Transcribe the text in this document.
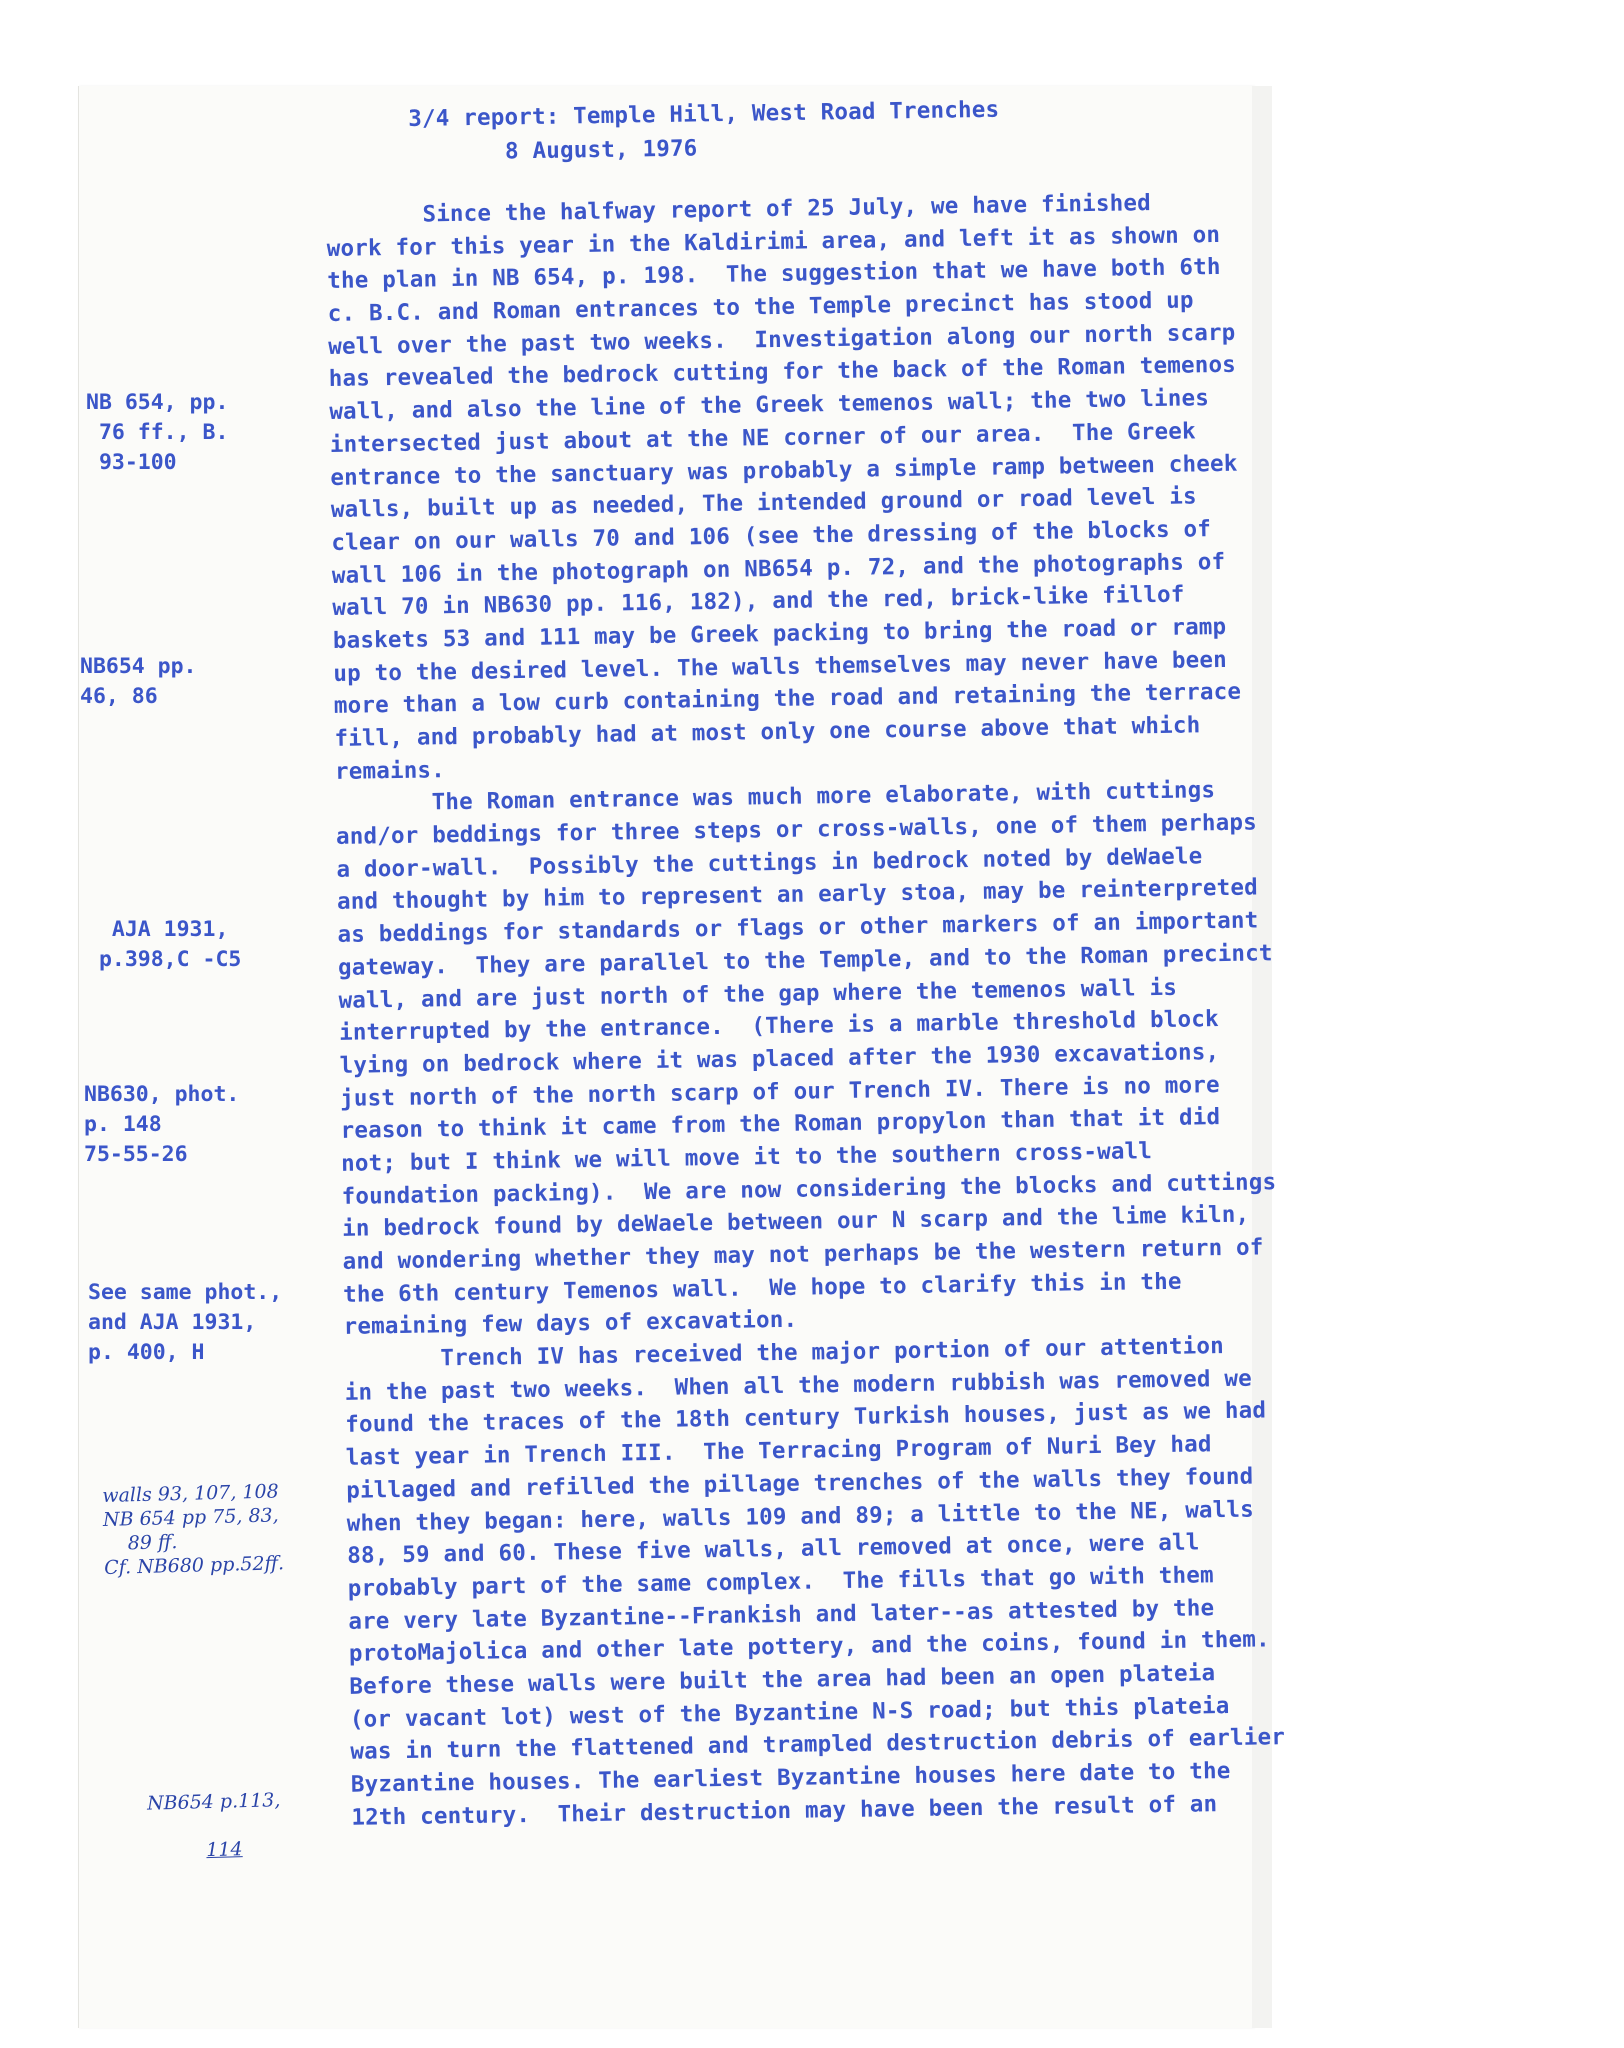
3/4 report: Temple Hill, West Road Trenches
8 August, 1976
Since the halfway report of 25 July, we have finished
work for this year in the Kaldirimi area, and left it as shown on
the plan in NB 654, p. 198.  The suggestion that we have both 6th
c. B.C. and Roman entrances to the Temple precinct has stood up
well over the past two weeks.  Investigation along our north scarp
has revealed the bedrock cutting for the back of the Roman temenos
wall, and also the line of the Greek temenos wall; the two lines
intersected just about at the NE corner of our area.  The Greek
entrance to the sanctuary was probably a simple ramp between cheek
walls, built up as needed, The intended ground or road level is
clear on our walls 70 and 106 (see the dressing of the blocks of
wall 106 in the photograph on NB654 p. 72, and the photographs of
wall 70 in NB630 pp. 116, 182), and the red, brick-like fillof
baskets 53 and 111 may be Greek packing to bring the road or ramp
up to the desired level. The walls themselves may never have been
more than a low curb containing the road and retaining the terrace
fill, and probably had at most only one course above that which
remains.
The Roman entrance was much more elaborate, with cuttings
and/or beddings for three steps or cross-walls, one of them perhaps
a door-wall.  Possibly the cuttings in bedrock noted by deWaele
and thought by him to represent an early stoa, may be reinterpreted
as beddings for standards or flags or other markers of an important
gateway.  They are parallel to the Temple, and to the Roman precinct
wall, and are just north of the gap where the temenos wall is
interrupted by the entrance.  (There is a marble threshold block
lying on bedrock where it was placed after the 1930 excavations,
just north of the north scarp of our Trench IV. There is no more
reason to think it came from the Roman propylon than that it did
not; but I think we will move it to the southern cross-wall
foundation packing).  We are now considering the blocks and cuttings
in bedrock found by deWaele between our N scarp and the lime kiln,
and wondering whether they may not perhaps be the western return of
the 6th century Temenos wall.  We hope to clarify this in the
remaining few days of excavation.
Trench IV has received the major portion of our attention
in the past two weeks.  When all the modern rubbish was removed we
found the traces of the 18th century Turkish houses, just as we had
last year in Trench III.  The Terracing Program of Nuri Bey had
pillaged and refilled the pillage trenches of the walls they found
when they began: here, walls 109 and 89; a little to the NE, walls
88, 59 and 60. These five walls, all removed at once, were all
probably part of the same complex.  The fills that go with them
are very late Byzantine--Frankish and later--as attested by the
protoMajolica and other late pottery, and the coins, found in them.
Before these walls were built the area had been an open plateia
(or vacant lot) west of the Byzantine N-S road; but this plateia
was in turn the flattened and trampled destruction debris of earlier
Byzantine houses. The earliest Byzantine houses here date to the
12th century.  Their destruction may have been the result of an
NB 654, pp.
76 ff., B.
93-100
NB654 pp.
46, 86
AJA 1931,
p.398,C -C5
NB630, phot.
p. 148
75-55-26
See same phot.,
and AJA 1931,
p. 400, H
walls 93, 107, 108
NB 654 pp 75, 83,
89 ff.
Cf. NB680 pp.52ff.

NB654 p.113,

114
